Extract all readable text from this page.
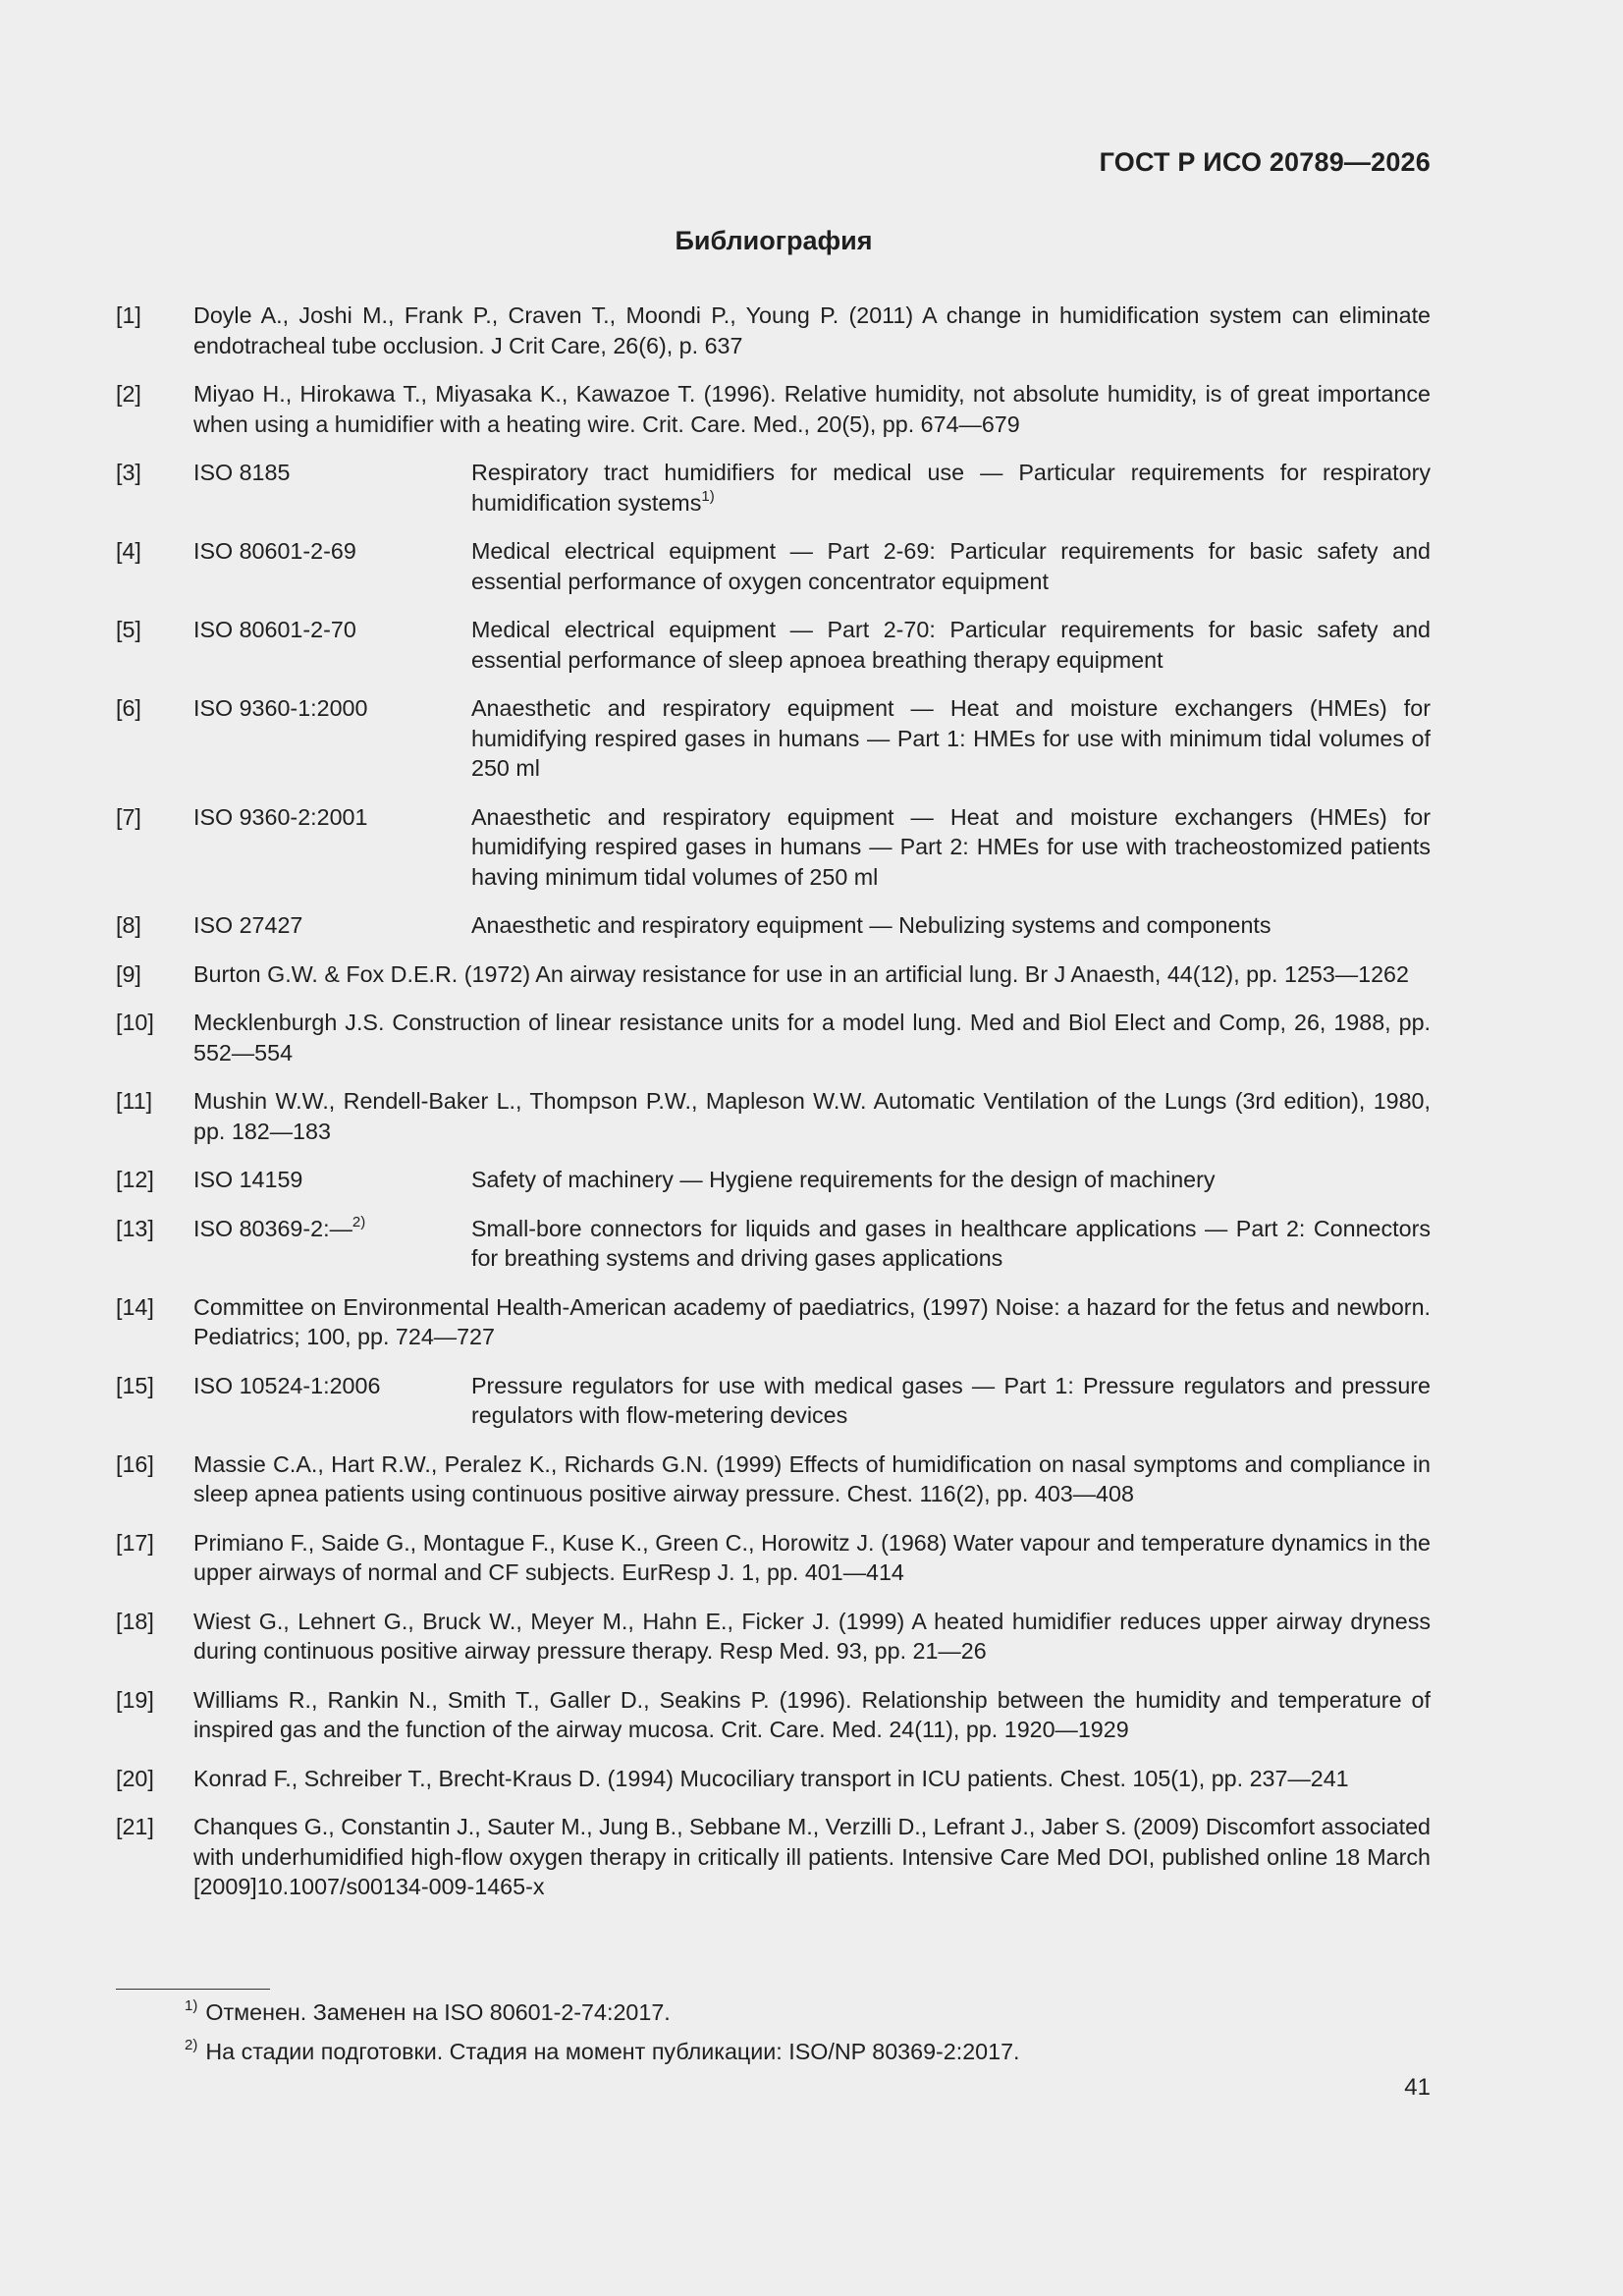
ГОСТ Р ИСО 20789—2026
Библиография
[1]	Doyle A., Joshi M., Frank P., Craven T., Moondi P., Young P. (2011) A change in humidification system can eliminate endotracheal tube occlusion. J Crit Care, 26(6), p. 637
[2]	Miyao H., Hirokawa T., Miyasaka K., Kawazoe T. (1996). Relative humidity, not absolute humidity, is of great importance when using a humidifier with a heating wire. Crit. Care. Med., 20(5), pp. 674—679
[3]	ISO 8185	Respiratory tract humidifiers for medical use — Particular requirements for respiratory humidification systems$^{1)}$
[4]	ISO 80601-2-69	Medical electrical equipment — Part 2-69: Particular requirements for basic safety and essential performance of oxygen concentrator equipment
[5]	ISO 80601-2-70	Medical electrical equipment — Part 2-70: Particular requirements for basic safety and essential performance of sleep apnoea breathing therapy equipment
[6]	ISO 9360-1:2000	Anaesthetic and respiratory equipment — Heat and moisture exchangers (HMEs) for humidifying respired gases in humans — Part 1: HMEs for use with minimum tidal volumes of 250 ml
[7]	ISO 9360-2:2001	Anaesthetic and respiratory equipment — Heat and moisture exchangers (HMEs) for humidifying respired gases in humans — Part 2: HMEs for use with tracheostomized patients having minimum tidal volumes of 250 ml
[8]	ISO 27427	Anaesthetic and respiratory equipment — Nebulizing systems and components
[9]	Burton G.W. & Fox D.E.R. (1972) An airway resistance for use in an artificial lung. Br J Anaesth, 44(12), pp. 1253—1262
[10]	Mecklenburgh J.S. Construction of linear resistance units for a model lung. Med and Biol Elect and Comp, 26, 1988, pp. 552—554
[11]	Mushin W.W., Rendell-Baker L., Thompson P.W., Mapleson W.W. Automatic Ventilation of the Lungs (3rd edition), 1980, pp. 182—183
[12]	ISO 14159	Safety of machinery — Hygiene requirements for the design of machinery
[13]	ISO 80369-2:—$^{2)}$	Small-bore connectors for liquids and gases in healthcare applications — Part 2: Connectors for breathing systems and driving gases applications
[14]	Committee on Environmental Health-American academy of paediatrics, (1997) Noise: a hazard for the fetus and newborn. Pediatrics; 100, pp. 724—727
[15]	ISO 10524-1:2006	Pressure regulators for use with medical gases — Part 1: Pressure regulators and pressure regulators with flow-metering devices
[16]	Massie C.A., Hart R.W., Peralez K., Richards G.N. (1999) Effects of humidification on nasal symptoms and compliance in sleep apnea patients using continuous positive airway pressure. Chest. 116(2), pp. 403—408
[17]	Primiano F., Saide G., Montague F., Kuse K., Green C., Horowitz J. (1968) Water vapour and temperature dynamics in the upper airways of normal and CF subjects. EurResp J. 1, pp. 401—414
[18]	Wiest G., Lehnert G., Bruck W., Meyer M., Hahn E., Ficker J. (1999) A heated humidifier reduces upper airway dryness during continuous positive airway pressure therapy. Resp Med. 93, pp. 21—26
[19]	Williams R., Rankin N., Smith T., Galler D., Seakins P. (1996). Relationship between the humidity and temperature of inspired gas and the function of the airway mucosa. Crit. Care. Med. 24(11), pp. 1920—1929
[20]	Konrad F., Schreiber T., Brecht-Kraus D. (1994) Mucociliary transport in ICU patients. Chest. 105(1), pp. 237—241
[21]	Chanques G., Constantin J., Sauter M., Jung B., Sebbane M., Verzilli D., Lefrant J., Jaber S. (2009) Discomfort associated with underhumidified high-flow oxygen therapy in critically ill patients. Intensive Care Med DOI, published online 18 March [2009]10.1007/s00134-009-1465-x
$^{1)}$ Отменен. Заменен на ISO 80601-2-74:2017.
$^{2)}$ На стадии подготовки. Стадия на момент публикации: ISO/NP 80369-2:2017.
41
